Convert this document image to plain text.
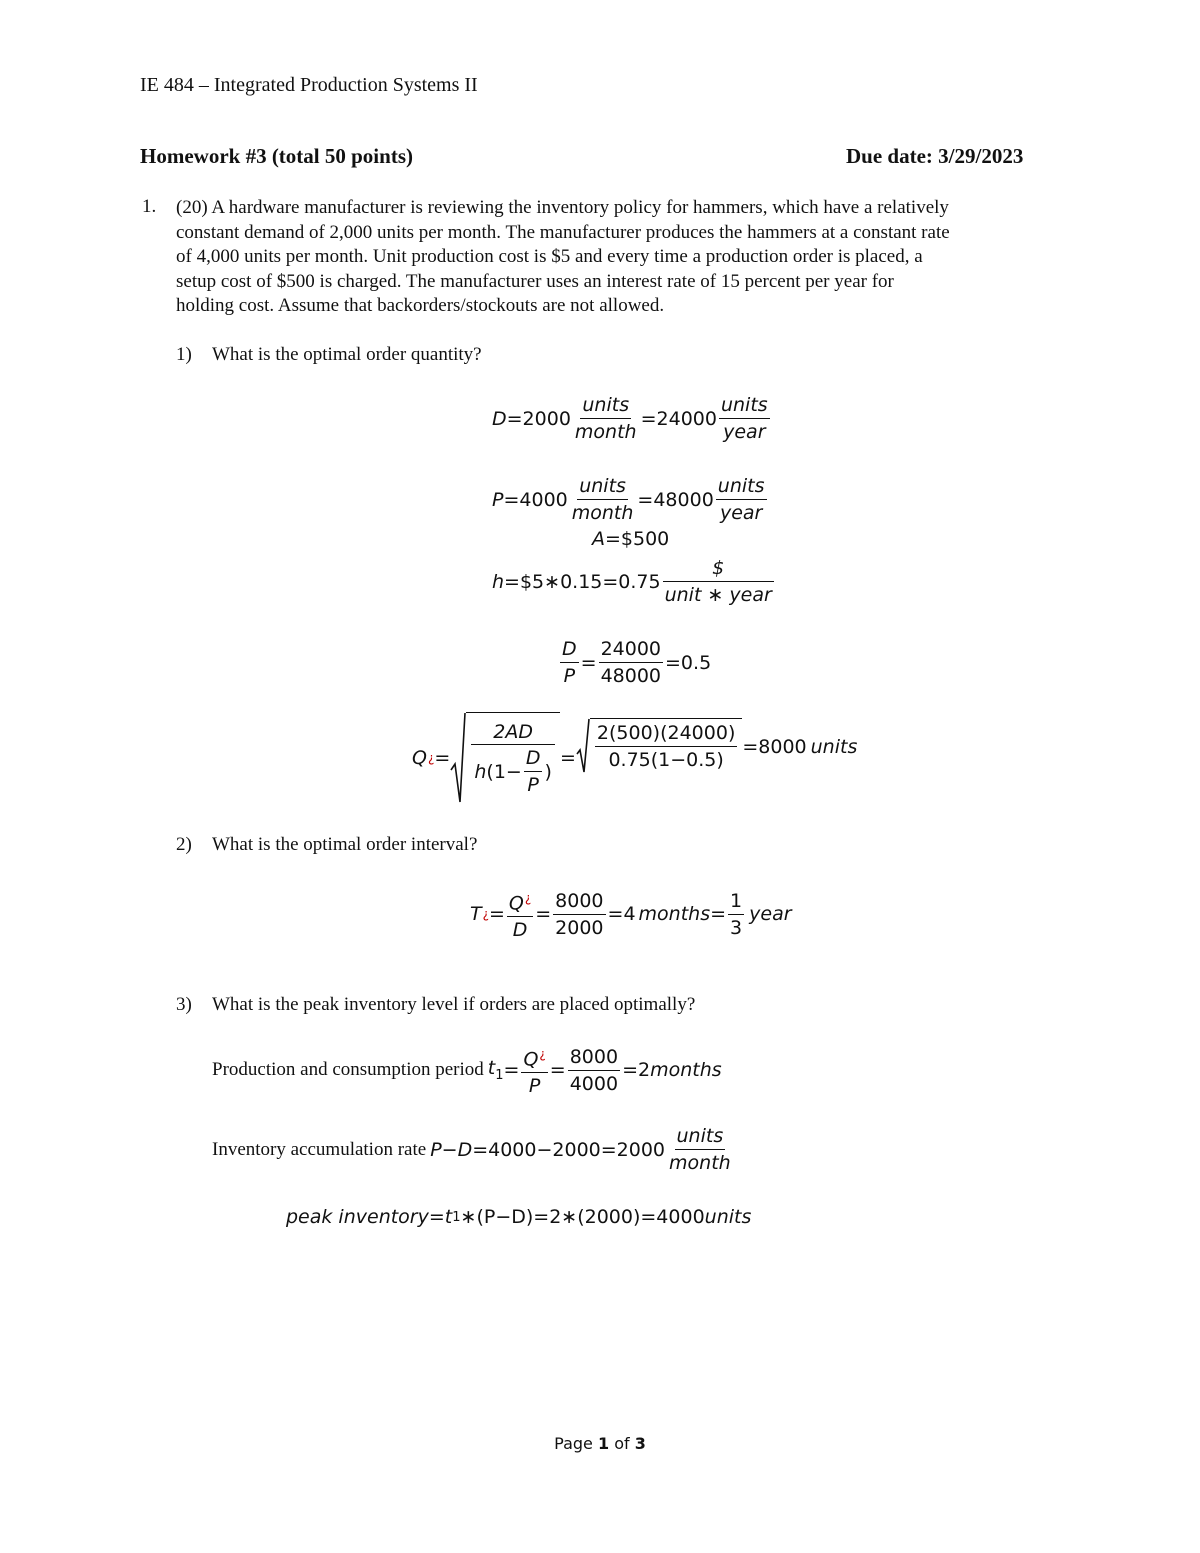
IE 484 – Integrated Production Systems II
Homework #3 (total 50 points)	Due date: 3/29/2023
1. (20) A hardware manufacturer is reviewing the inventory policy for hammers, which have a relatively
constant demand of 2,000 units per month. The manufacturer produces the hammers at a constant rate
of 4,000 units per month. Unit production cost is $5 and every time a production order is placed, a
setup cost of $500 is charged. The manufacturer uses an interest rate of 15 percent per year for
holding cost. Assume that backorders/stockouts are not allowed.
1) What is the optimal order quantity?
$D =2000 \frac{\text{units}}{\text{month}} =24000 \frac{\text{units}}{\text{year}}$
$P =4000 \frac{\text{units}}{\text{month}} =48000 \frac{\text{units}}{\text{year}}$
A =$500
h =$5∗0.15=0.75 $\frac{\$}{\text{unit ∗ year}}$
$\frac{D}{P} = \frac{24000}{48000} =0.5$
Q ¿ = $\frac{2AD}{h (1- \frac{D}{P} )} = \frac{2(500)(24000)}{0.75(1-0.5)} =8000$ units
2) What is the optimal order interval?
T ¿ = $\frac{Q^¿}{D} = \frac{8000}{2000} =4$ months = $\frac{1}{3}$ year
3) What is the peak inventory level if orders are placed optimally?
Production and consumption period $t_1 = \frac{Q^¿}{P} = \frac{8000}{4000} =2$ months
Inventory accumulation rate $P-D =4000-2000=2000 \frac{\text{units}}{\text{month}}$
peak inventory =t 1 ∗(P−D)=2∗(2000)=4000 units
Page 1 of 3
